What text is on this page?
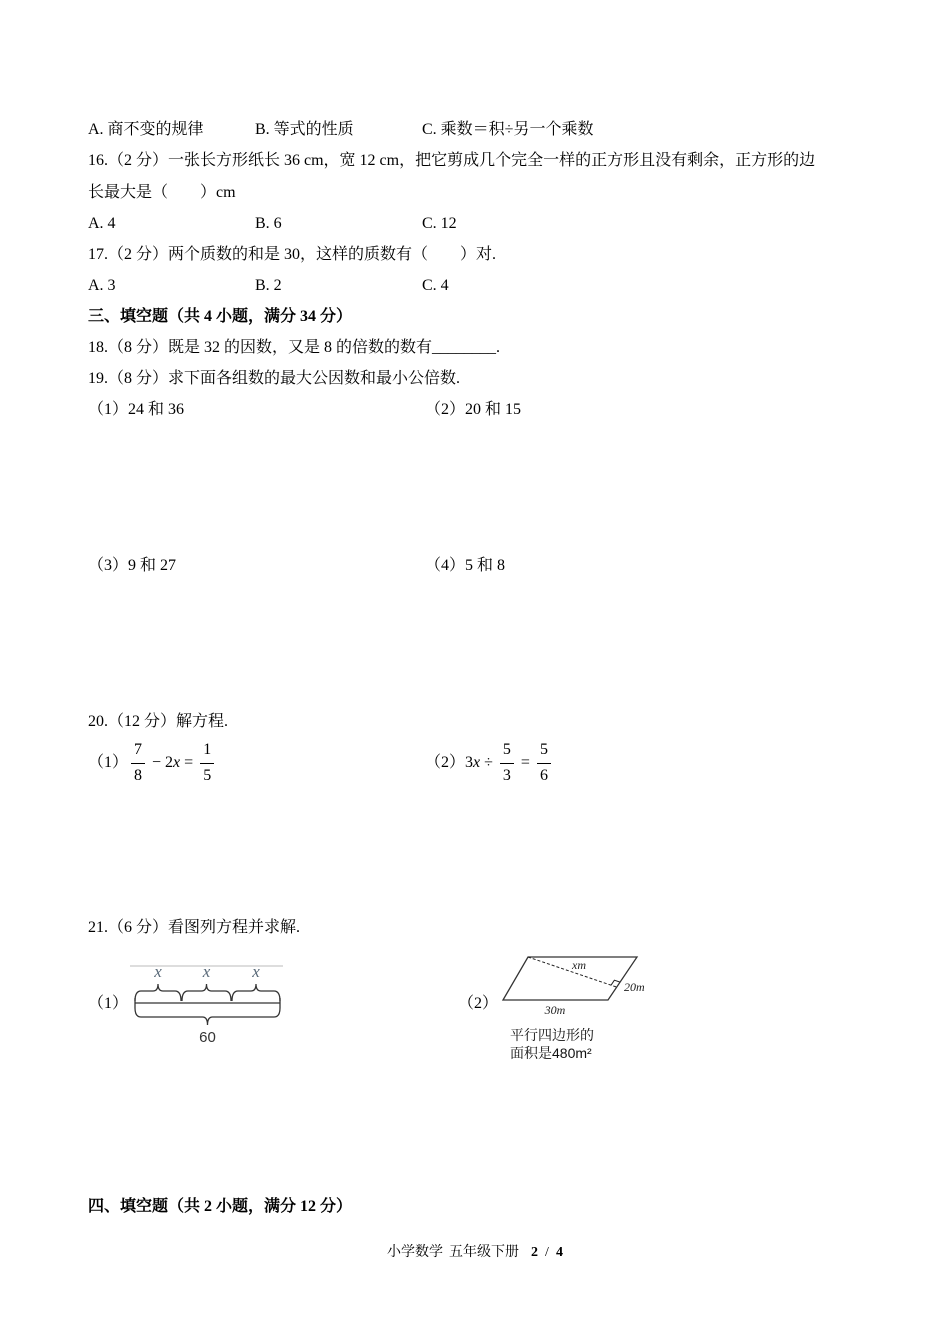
A. 商不变的规律	B. 等式的性质	C. 乘数＝积÷另一个乘数
16.（2 分）一张长方形纸长 36 cm，宽 12 cm，把它剪成几个完全一样的正方形且没有剩余，正方形的边
长最大是（　　）cm
A. 4	B. 6	C. 12
17.（2 分）两个质数的和是 30，这样的质数有（　　）对.
A. 3	B. 2	C. 4
三、填空题（共 4 小题，满分 34 分）
18.（8 分）既是 32 的因数，又是 8 的倍数的数有________.
19.（8 分）求下面各组数的最大公因数和最小公倍数.
（1）24 和 36	（2）20 和 15
（3）9 和 27	（4）5 和 8
20.（12 分）解方程.
$(1) \frac{7}{8} - 2$ $x = \frac{1}{5}$	（2） 3 $x \div \frac{5}{3} = \frac{5}{6}$
21.（6 分）看图列方程并求解.
（1）
x x x
60
（2）
xm
20m
30m
平行四边形的
面积是480m²
四、填空题（共 2 小题，满分 12 分）
小学数学 五年级下册 2 / 4
